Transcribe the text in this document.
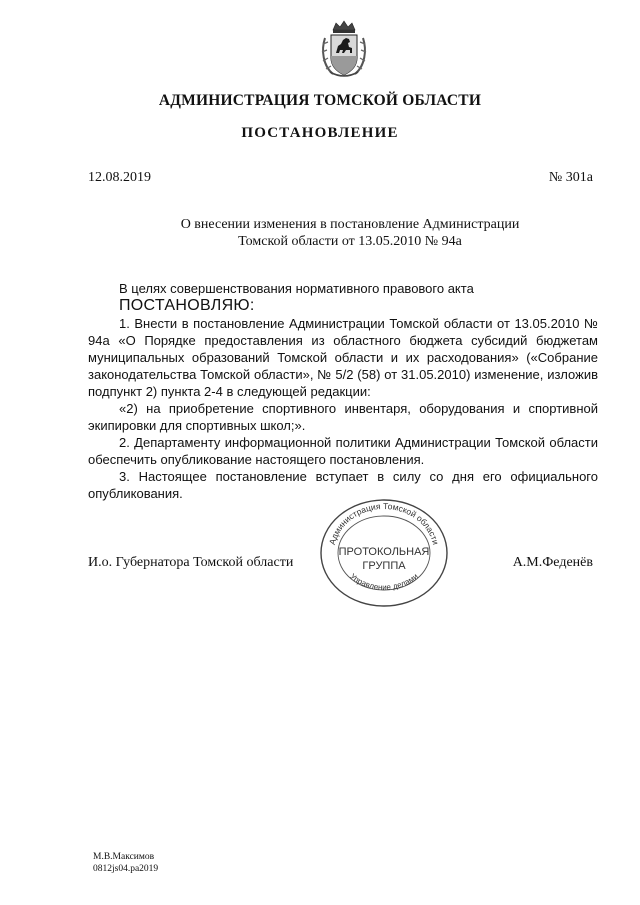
АДМИНИСТРАЦИЯ ТОМСКОЙ ОБЛАСТИ
ПОСТАНОВЛЕНИЕ
12.08.2019	№ 301а
О внесении изменения в постановление Администрации
Томской области от 13.05.2010 № 94а

В целях совершенствования нормативного правового акта

ПОСТАНОВЛЯЮ:

1. Внести в постановление Администрации Томской области от 13.05.2010 № 94а «О Порядке предоставления из областного бюджета субсидий бюджетам муниципальных образований Томской области и их расходования» («Собрание законодательства Томской области», № 5/2 (58) от 31.05.2010) изменение, изложив подпункт 2) пункта 2-4 в следующей редакции:

«2) на приобретение спортивного инвентаря, оборудования и спортивной экипировки для спортивных школ;».

2. Департаменту информационной политики Администрации Томской области обеспечить опубликование настоящего постановления.

3. Настоящее постановление вступает в силу со дня его официального опубликования.

И.о. Губернатора Томской области	А.М.Феденёв
Администрация Томской области
Управление делами
ПРОТОКОЛЬНАЯ
ГРУППА
М.В.Максимов
0812js04.pa2019
